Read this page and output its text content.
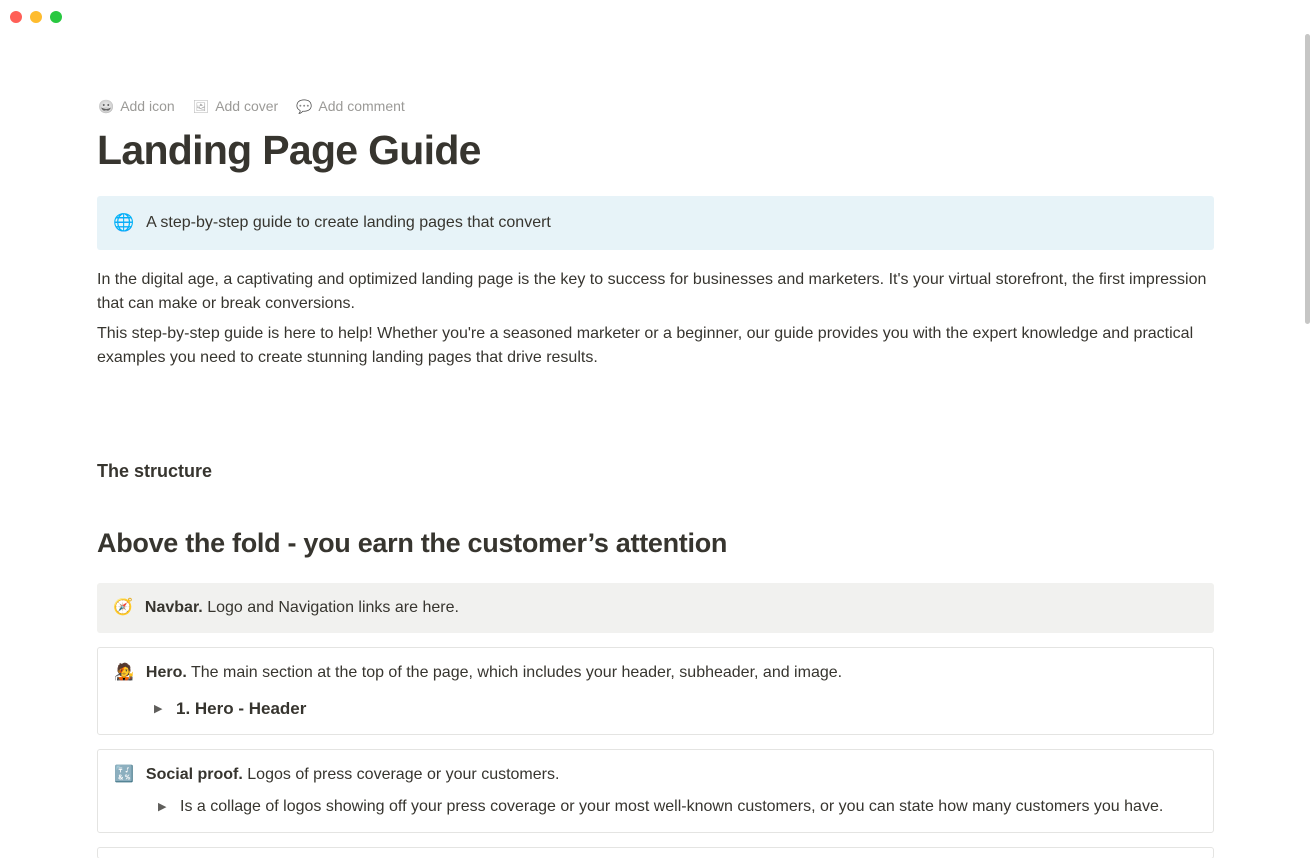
😀 Add icon 🖼 Add cover 💬 Add comment
Landing Page Guide
🌐 A step-by-step guide to create landing pages that convert

In the digital age, a captivating and optimized landing page is the key to success for businesses and marketers. It's your virtual storefront, the first impression that can make or break conversions.

This step-by-step guide is here to help! Whether you're a seasoned marketer or a beginner, our guide provides you with the expert knowledge and practical examples you need to create stunning landing pages that drive results.

The structure
Above the fold - you earn the customer’s attention
🧭 Navbar. Logo and Navigation links are here.
🧑‍🎤 Hero. The main section at the top of the page, which includes your header, subheader, and image.
▶ 1. Hero - Header
🔣 Social proof. Logos of press coverage or your customers.
▶ Is a collage of logos showing off your press coverage or your most well-known customers, or you can state how many customers you have.
